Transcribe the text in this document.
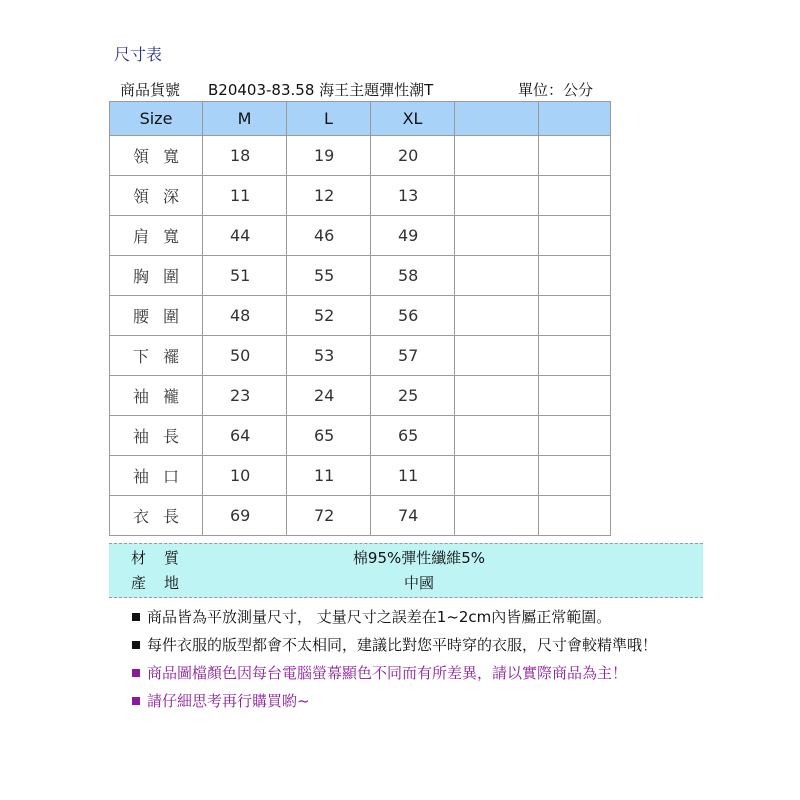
尺寸表
商品貨號 B20403-83.58 海王主題彈性潮T	單位：公分
Size	M	L	XL		
領寬	18	19	20		
領深	11	12	13		
肩寬	44	46	49		
胸圍	51	55	58		
腰圍	48	52	56		
下襬	50	53	57		
袖襱	23	24	25		
袖長	64	65	65		
袖口	10	11	11		
衣長	69	72	74		
材質	棉95%彈性纖維5%
產地	中國
商品皆為平放測量尺寸， 丈量尺寸之誤差在1~2cm內皆屬正常範圍。
每件衣服的版型都會不太相同，建議比對您平時穿的衣服，尺寸會較精準哦！
商品圖檔顏色因每台電腦螢幕顯色不同而有所差異，請以實際商品為主！
請仔細思考再行購買喲~
